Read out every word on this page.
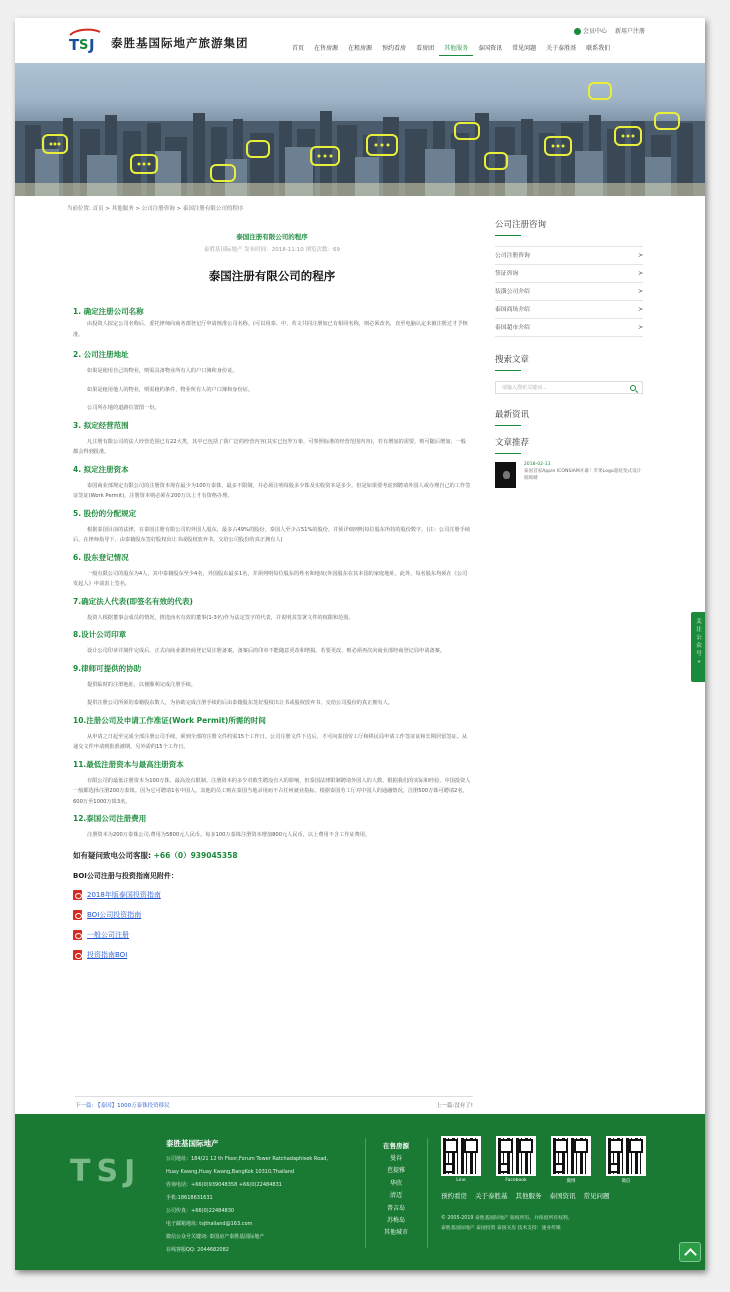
T S J 泰胜基国际地产旅游集团
会员中心 新用户注册
首页	在售房源	在租房源	预约看房	看房团	其他服务	泰国资讯	常见问题	关于泰胜基	联系我们
当前位置: 首页 > 其他服务 > 公司注册咨询 > 泰国注册有限公司的程序
泰国注册有限公司的程序
泰胜基国际地产 发布时间：2018-11-10 浏览次数：69
泰国注册有限公司的程序
1. 确定注册公司名称
由投资人拟定公司名称后，委托律师向商务部登记厅申请核准公司名称。(可以用泰、中、英文共同注册如已有相同名称，则必须改名，直至电脑认定未被注册过才予核准。
2. 公司注册地址
如果是使用自己的物业，则需具备物业所有人的户口簿和身份证。
如果是租用他人的物业，则需租约条件、物业所有人的户口簿和身份证。
公司所在地的道路位置图一份。
3. 拟定经营范围
凡注册有限公司的法人经营范围已有22大类，其中已包括了我广泛的经营内容(其实已包罗万象，可参照标准的经营范围内容)，若有增加的需要，则可随后增加，一般都会得到批准。
4. 拟定注册资本
泰国商业部规定有限公司的注册资本现在最少为100万泰铢，最多不限制。并必须注明每股多少铢及实收资本是多少。但是如果要考虑到聘请外国人或办理自己的工作签证签证(Work Permit)，注册资本则必须在200万以上才有资格办理。
5. 股份的分配规定
根据泰国目前的法律，在泰国注册有限公司的外国人股东，最多占49%的股份，泰国人至少占51%的股份。并须详细列明每位股东所持的股份数字。(注：公司注册手续后，在律师指导下，由泰籍股东签好股权出让书或股权放弃书，交给公司股份的真正拥有人)
6. 股东登记情况
一般有限公司的股东为4人，其中泰籍股东至少4名，外国股东最多1名，并须列明每位股东的姓名和地址(外国股东在其本国的家庭地址。此外，每名股东均须在《公司发起人》申请表上签名。
7.确定法人代表(即签名有效的代表)
投资人根据董事会成员的情况，推选而名有效的董事(1-3名)作为法定签字的代表，并说明其签署文件的权限和范围。
8.设计公司印章
设计公司印章并制作完成后，正式向商业部经商登记局注册备案。备案后的印章不能随意更改和增损。若要更改，则必须再次向商业部经商登记局申请备案。
9.律师可提供的协助
提供临时的注册地址，以便顺利完成注册手续。
提供注册公司所须的泰籍股东数人，为协助完成注册手续的后由泰籍股东签好股权出让书或股权放弃书，交给公司股份的真正拥有人。
10.注册公司及申请工作准证(Work Permit)所需的时间
从申请之日起至完成全部注册公司手续，须到全部的注册文件约需15个工作日。公司注册文件下达后，才可向泰国劳工厅和移民局申请工作签证证和长期居留签证。从递交文件申请到批准被期，另外需约15个工作日。
11.最低注册资本与最高注册资本
有限公司的最低注册资本为100万铢，最高没有限制。注册资本的多少对救生聘没有大的影响，但泰国法律限制聘请外国人的人数。根据我们的实际和经验，中国投资人一般都选择注册200万泰铢。因为它可聘请1名中国人。其他的员工则在泰国当地录用而不占任何就业指标。根据泰国劳工厅对中国人的通融情况，注册500万铢可聘请2名，600万至1000万铢3名。
12.泰国公司注册费用
注册资本为200万泰铢公司,费用为5800元人民币。每多100万泰铢注册资本增加800元人民币，以上费用不含工作证费用。
如有疑问致电公司客服: +66（0）939045358
BOI公司注册与投资指南见附件：
2018年版泰国投资指南
BOI公司投资指南
一般公司注册
投资指南BOI
下一篇: 【泰国】1000万泰铢投资移民	上一篇:没有了!
公司注册咨询
公司注册咨询	>
签证咨询	>
装潢公司介绍	>
泰国商场介绍	>
泰国超市介绍	>
搜索文章
请输入搜索关键词...
最新资讯
文章推荐
2018-02-13
泰国首家Apple ICONSIAM开幕！苹果Logo超炫变式设计很吸睛
关
注
公
众
号
«
TSJ
泰胜基国际地产
公司地址：184/21 12 th Floor,Forum Tower Ratchadaphisek Road,
Huay Kwang,Huay Kwang,BangKok 10310,Thailand
咨询电话：+66(0)939048358 +66(0)22484831
手机:18618631631
公司传真：+66(0)22484830
电子邮箱地址: tsjthailand@163.com
微信公众号关键词: 泰国房产泰胜基国际地产
在线客服QQ: 2044682082
在售房源
曼谷
芭提雅
华欣
清迈
普吉岛
苏梅岛
其他城市
Line	Facebook	微博	微信
预约看房 关于泰胜基 其他服务 泰国资讯 常见问题
© 2005-2019 泰胜基国际地产 版权所有。并保留所有权利。
泰胜基国际地产 泰国投资 泰国买房 技术支持：速业传媒
